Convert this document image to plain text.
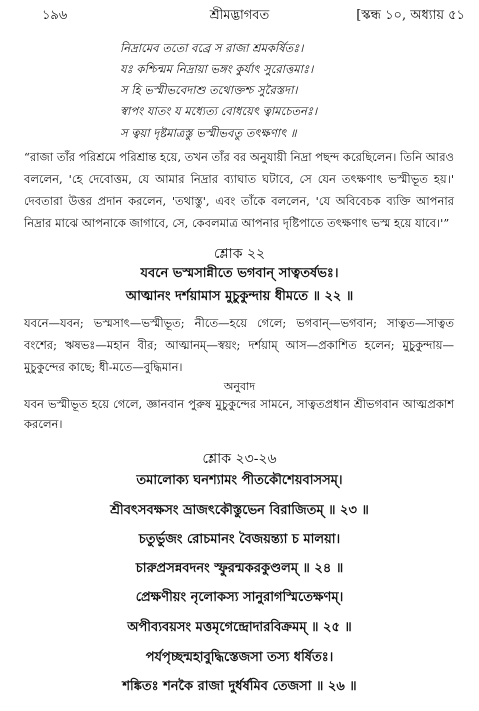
১৯৬	শ্রীমদ্ভাগবত	[স্কন্ধ ১০, অধ্যায় ৫১
নিদ্রামেব ততো বব্রে স রাজা শ্রমকর্ষিতঃ।
যঃ কশ্চিন্মম নিদ্রায়া ভঙ্গং কুর্যাৎ সুরোত্তমাঃ।
স হি ভস্মীভবেদাশু তথোক্তশ্চ সুরৈস্তদা।
স্বাপং যাতং য মধ্যেত্য বোধয়েৎ ত্বামচেতনঃ।
স ত্বয়া দৃষ্টমাত্রস্তু ভস্মীভবতু তৎক্ষণাৎ ॥
“রাজা তাঁর পরিশ্রমে পরিশ্রান্ত হয়ে, তখন তাঁর বর অনুযায়ী নিদ্রা পছন্দ করেছিলেন। তিনি আরও বললেন, 'হে দেবোত্তম, যে আমার নিদ্রার ব্যাঘাত ঘটাবে, সে যেন তৎক্ষণাৎ ভস্মীভূত হয়।' দেবতারা উত্তর প্রদান করলেন, 'তথাস্তু', এবং তাঁকে বললেন, 'যে অবিবেচক ব্যক্তি আপনার নিদ্রার মাঝে আপনাকে জাগাবে, সে, কেবলমাত্র আপনার দৃষ্টিপাতে তৎক্ষণাৎ ভস্ম হয়ে যাবে।'”
শ্লোক ২২
যবনে ভস্মসান্নীতে ভগবান্ সাত্বতর্ষভঃ।
আত্মানং দর্শয়ামাস মুচুকুন্দায় ধীমতে ॥ ২২ ॥
যবনে—যবন; ভস্মসাৎ—ভস্মীভূত; নীতে—হয়ে গেলে; ভগবান্—ভগবান; সাত্বত—সাত্বত বংশের; ঋষভঃ—মহান বীর; আত্মানম্—স্বয়ং; দর্শয়াম্ আস—প্রকাশিত হলেন; মুচুকুন্দায়—মুচুকুন্দের কাছে; ধী-মতে—বুদ্ধিমান।
অনুবাদ
যবন ভস্মীভূত হয়ে গেলে, জ্ঞানবান পুরুষ মুচুকুন্দের সামনে, সাত্বতপ্রধান শ্রীভগবান আত্মপ্রকাশ করলেন।
শ্লোক ২৩-২৬
তমালোক্য ঘনশ্যামং পীতকৌশেয়বাসসম্।
শ্রীবৎসবক্ষসং ভ্রাজৎকৌস্তুভেন বিরাজিতম্ ॥ ২৩ ॥
চতুর্ভুজং রোচমানং বৈজয়ন্ত্যা চ মালয়া।
চারুপ্রসন্নবদনং স্ফুরন্মকরকুণ্ডলম্ ॥ ২৪ ॥
প্রেক্ষণীয়ং নৃলোকস্য সানুরাগস্মিতেক্ষণম্।
অপীব্যবয়সং মত্তমৃগেন্দ্রোদারবিক্রমম্ ॥ ২৫ ॥
পর্যপৃচ্ছন্মহাবুদ্ধিস্তেজসা তস্য ধর্ষিতঃ।
শঙ্কিতঃ শনকৈ রাজা দুর্ধর্ষমিব তেজসা ॥ ২৬ ॥
